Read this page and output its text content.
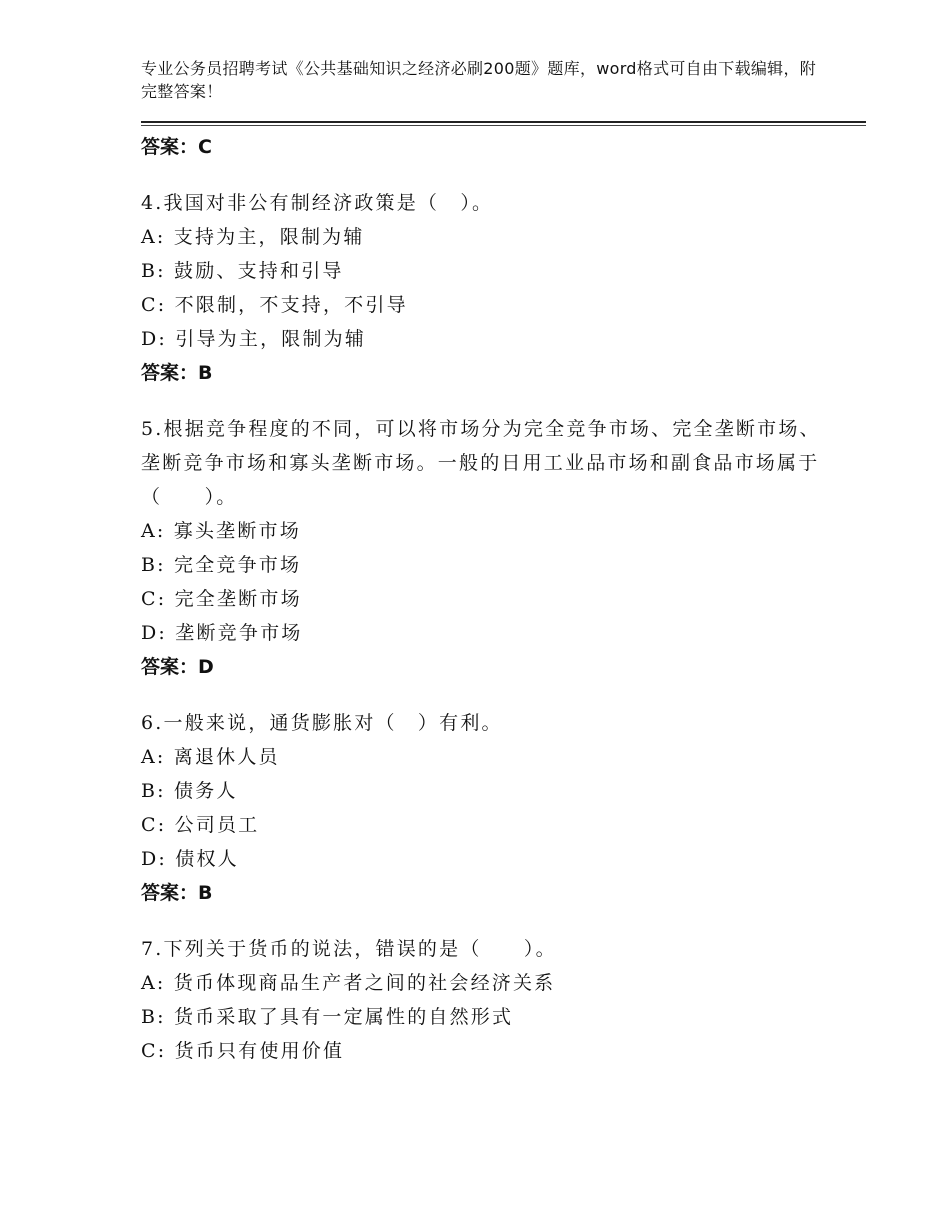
专业公务员招聘考试《公共基础知识之经济必刷200题》题库，word格式可自由下载编辑，附完整答案！
答案：C
4.我国对非公有制经济政策是（　）。
A: 支持为主，限制为辅
B: 鼓励、支持和引导
C: 不限制，不支持，不引导
D: 引导为主，限制为辅
答案：B
5.根据竞争程度的不同，可以将市场分为完全竞争市场、完全垄断市场、垄断竞争市场和寡头垄断市场。一般的日用工业品市场和副食品市场属于（　　）。
A: 寡头垄断市场
B: 完全竞争市场
C: 完全垄断市场
D: 垄断竞争市场
答案：D
6.一般来说，通货膨胀对（　）有利。
A: 离退休人员
B: 债务人
C: 公司员工
D: 债权人
答案：B
7.下列关于货币的说法，错误的是（　　）。
A: 货币体现商品生产者之间的社会经济关系
B: 货币采取了具有一定属性的自然形式
C: 货币只有使用价值
